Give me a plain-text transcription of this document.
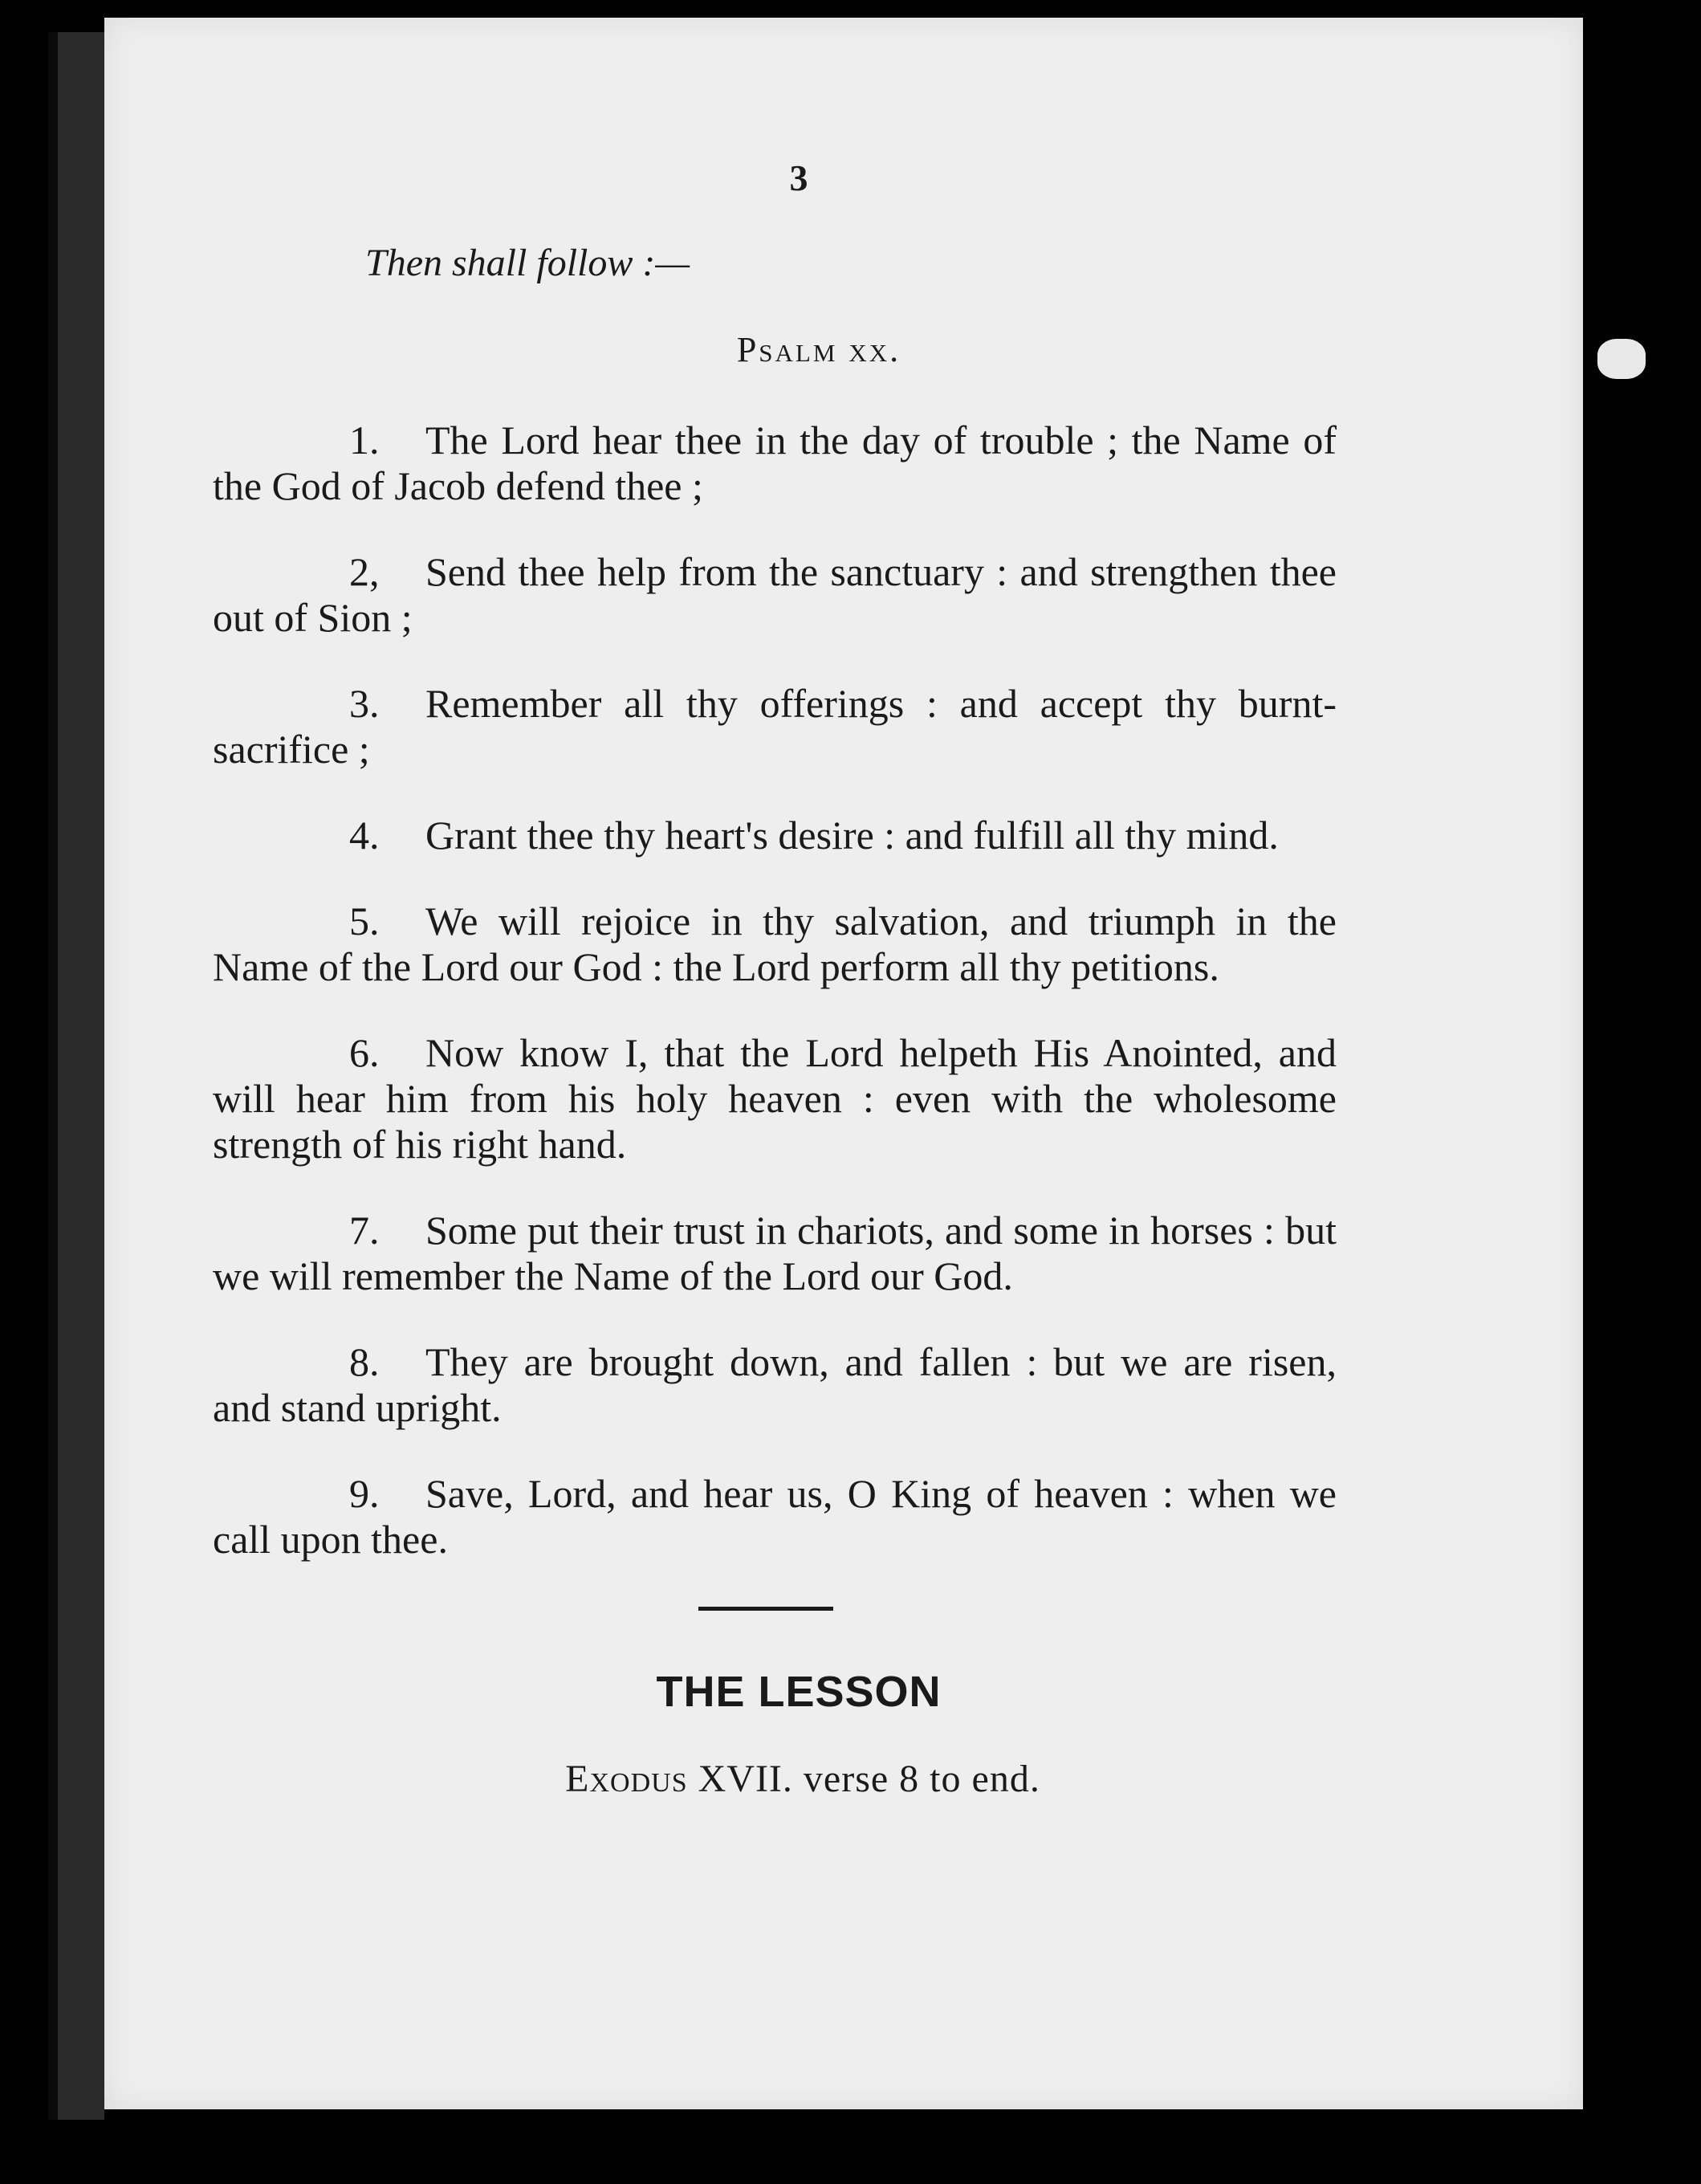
3
Then shall follow :—
Psalm xx.

1. The Lord hear thee in the day of trouble ; the Name of the God of Jacob defend thee ;

2, Send thee help from the sanctuary : and strengthen thee out of Sion ;

3. Remember all thy offerings : and accept thy burnt-sacrifice ;

4. Grant thee thy heart's desire : and fulfill all thy mind.

5. We will rejoice in thy salvation, and triumph in the Name of the Lord our God : the Lord perform all thy petitions.

6. Now know I, that the Lord helpeth His Anointed, and will hear him from his holy heaven : even with the wholesome strength of his right hand.

7. Some put their trust in chariots, and some in horses : but we will remember the Name of the Lord our God.

8. They are brought down, and fallen : but we are risen, and stand upright.

9. Save, Lord, and hear us, O King of heaven : when we call upon thee.

THE LESSON
Exodus XVII. verse 8 to end.
